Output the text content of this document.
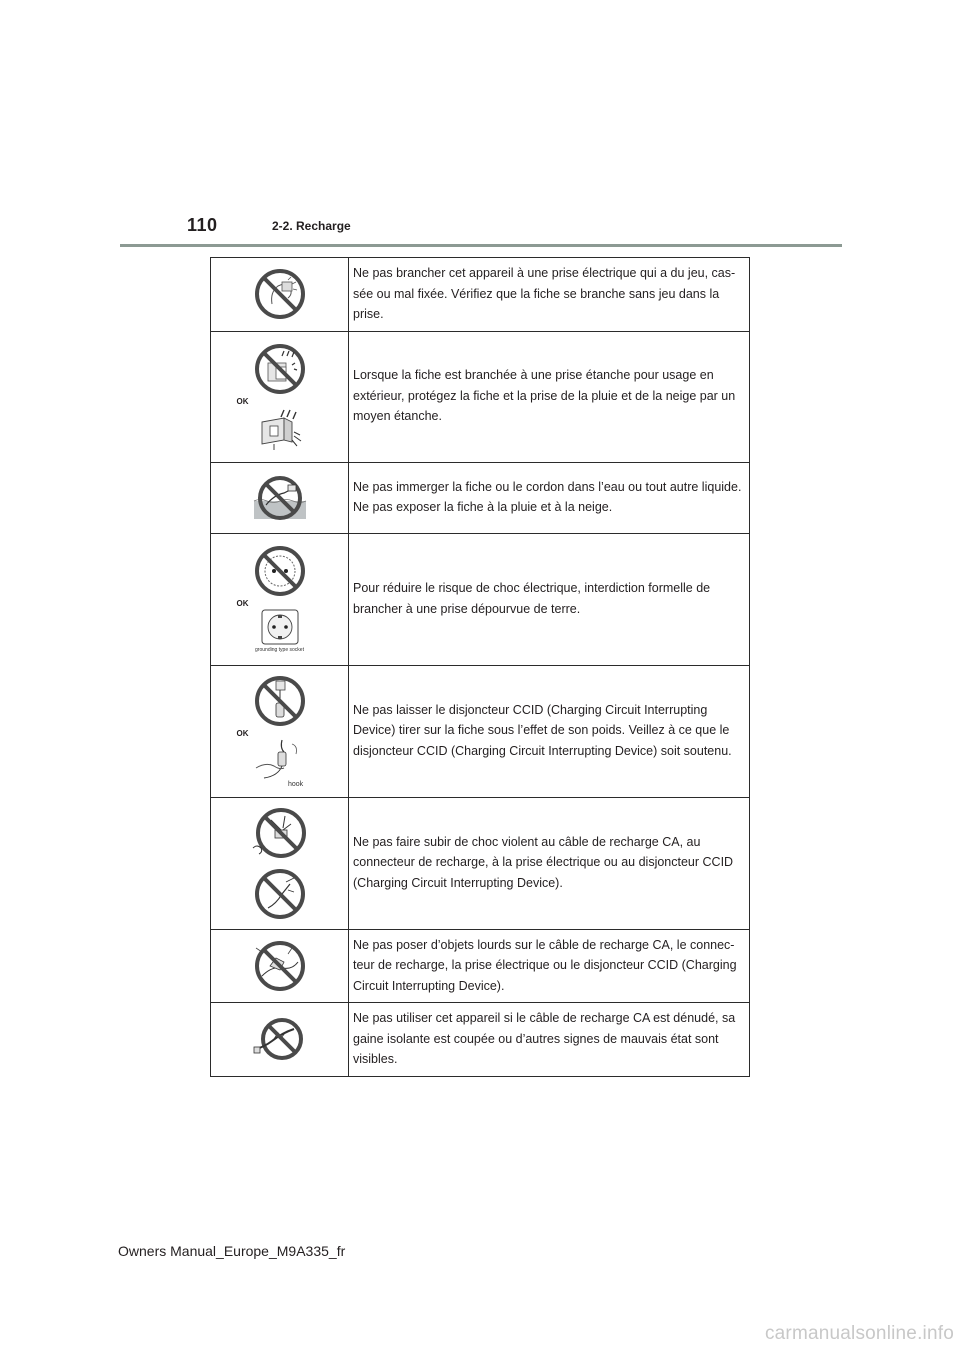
110	2-2. Recharge
	Ne pas brancher cet appareil à une prise électrique qui a du jeu, cas-sée ou mal fixée. Vérifiez que la fiche se branche sans jeu dans la prise.

OK	Lorsque la fiche est branchée à une prise étanche pour usage en extérieur, protégez la fiche et la prise de la pluie et de la neige par un moyen étanche.

	Ne pas immerger la fiche ou le cordon dans l’eau ou tout autre liquide. Ne pas exposer la fiche à la pluie et à la neige.

OK
grounding type socket	Pour réduire le risque de choc électrique, interdiction formelle de brancher à une prise dépourvue de terre.

OK
hook	Ne pas laisser le disjoncteur CCID (Charging Circuit Interrupting Device) tirer sur la fiche sous l’effet de son poids. Veillez à ce que le disjoncteur CCID (Charging Circuit Interrupting Device) soit soutenu.

	Ne pas faire subir de choc violent au câble de recharge CA, au connecteur de recharge, à la prise électrique ou au disjoncteur CCID (Charging Circuit Interrupting Device).

	Ne pas poser d’objets lourds sur le câble de recharge CA, le connec-teur de recharge, la prise électrique ou le disjoncteur CCID (Charging Circuit Interrupting Device).

	Ne pas utiliser cet appareil si le câble de recharge CA est dénudé, sa gaine isolante est coupée ou d’autres signes de mauvais état sont visibles.
Owners Manual_Europe_M9A335_fr
carmanualsonline.info
